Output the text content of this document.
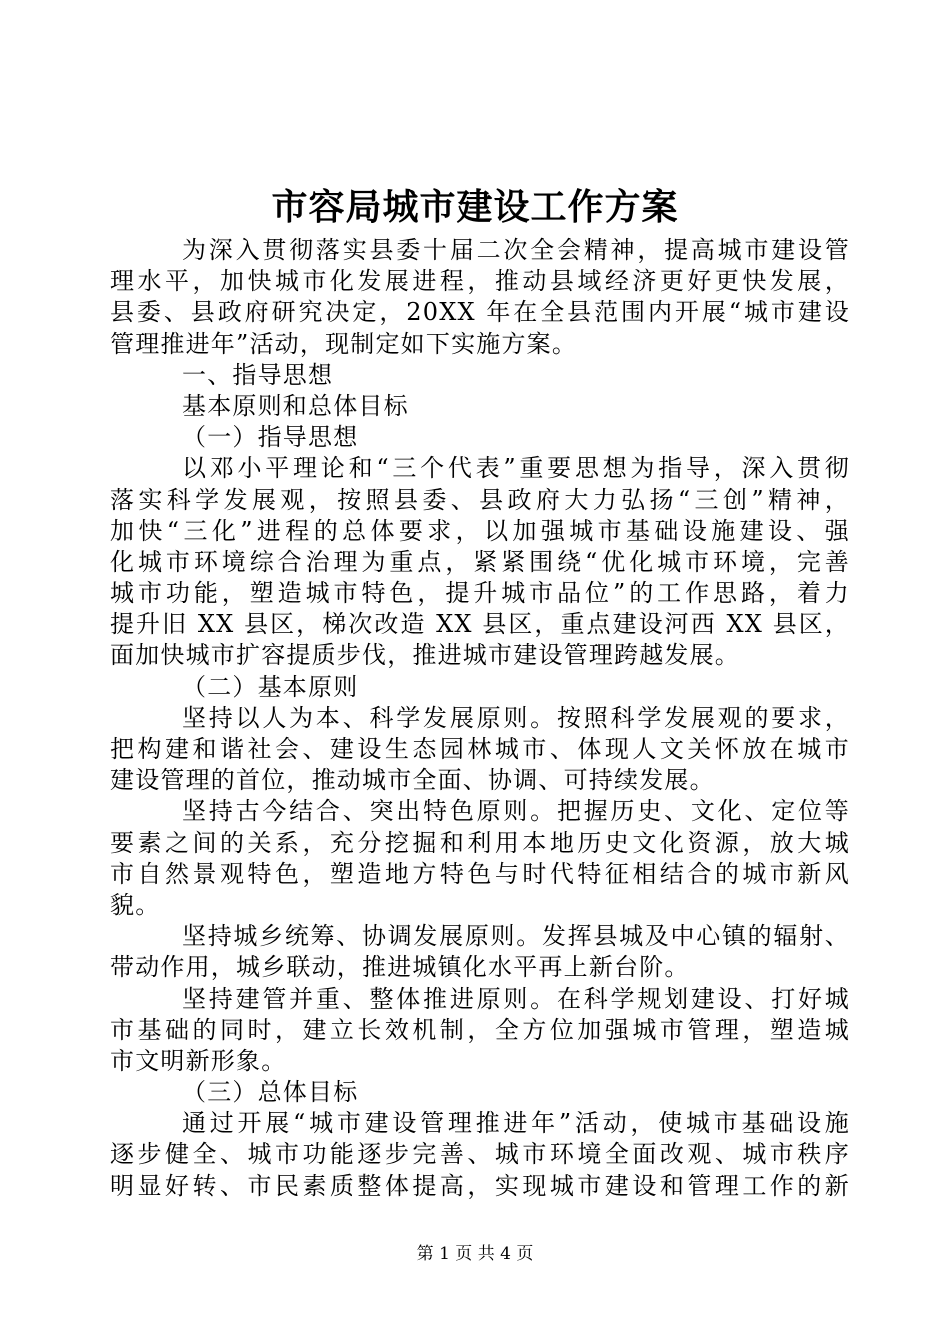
市容局城市建设工作方案
为深入贯彻落实县委十届二次全会精神，提高城市建设管
理水平，加快城市化发展进程，推动县域经济更好更快发展，
县委、县政府研究决定，20XX 年在全县范围内开展“城市建设
管理推进年”活动，现制定如下实施方案。
一、指导思想
基本原则和总体目标
（一）指导思想
以邓小平理论和“三个代表”重要思想为指导，深入贯彻
落实科学发展观，按照县委、县政府大力弘扬“三创”精神，
加快“三化”进程的总体要求，以加强城市基础设施建设、强
化城市环境综合治理为重点，紧紧围绕“优化城市环境，完善
城市功能，塑造城市特色，提升城市品位”的工作思路，着力
提升旧 XX 县区，梯次改造 XX 县区，重点建设河西 XX 县区，
面加快城市扩容提质步伐，推进城市建设管理跨越发展。
（二）基本原则
坚持以人为本、科学发展原则。按照科学发展观的要求，
把构建和谐社会、建设生态园林城市、体现人文关怀放在城市
建设管理的首位，推动城市全面、协调、可持续发展。
坚持古今结合、突出特色原则。把握历史、文化、定位等
要素之间的关系，充分挖掘和利用本地历史文化资源，放大城
市自然景观特色，塑造地方特色与时代特征相结合的城市新风
貌。
坚持城乡统筹、协调发展原则。发挥县城及中心镇的辐射、
带动作用，城乡联动，推进城镇化水平再上新台阶。
坚持建管并重、整体推进原则。在科学规划建设、打好城
市基础的同时，建立长效机制，全方位加强城市管理，塑造城
市文明新形象。
（三）总体目标
通过开展“城市建设管理推进年”活动，使城市基础设施
逐步健全、城市功能逐步完善、城市环境全面改观、城市秩序
明显好转、市民素质整体提高，实现城市建设和管理工作的新
第 1 页 共 4 页
